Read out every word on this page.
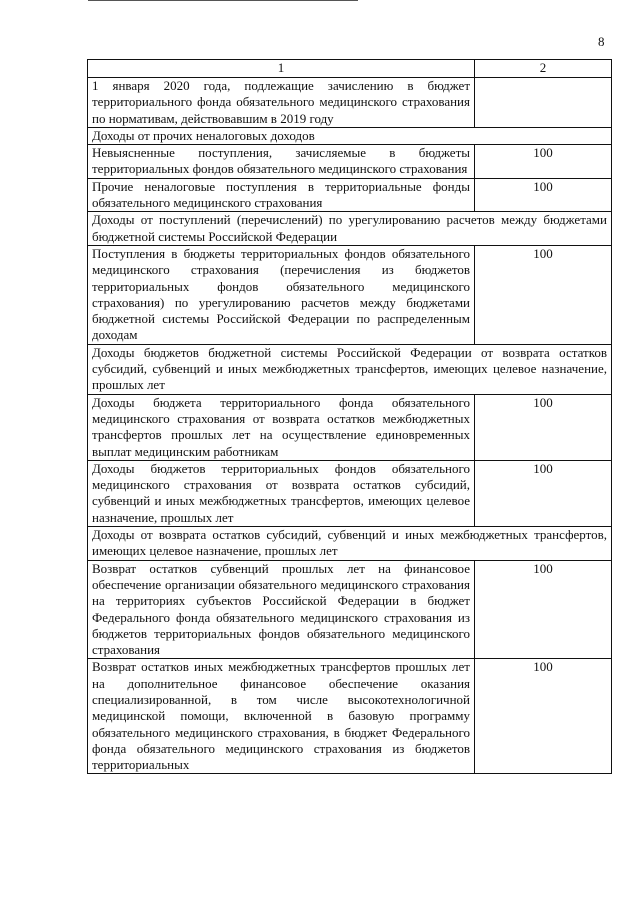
8
1	2
1 января 2020 года, подлежащие зачислению в бюджет территориального фонда обязательного медицинского страхования по нормативам, действовавшим в 2019 году	
Доходы от прочих неналоговых доходов	
Невыясненные поступления, зачисляемые в бюджеты территориальных фондов обязательного медицинского страхования	100
Прочие неналоговые поступления в территориальные фонды обязательного медицинского страхования	100
Доходы от поступлений (перечислений) по урегулированию расчетов между бюджетами бюджетной системы Российской Федерации	
Поступления в бюджеты территориальных фондов обязательного медицинского страхования (перечисления из бюджетов территориальных фондов обязательного медицинского страхования) по урегулированию расчетов между бюджетами бюджетной системы Российской Федерации по распределенным доходам	100
Доходы бюджетов бюджетной системы Российской Федерации от возврата остатков субсидий, субвенций и иных межбюджетных трансфертов, имеющих целевое назначение, прошлых лет	
Доходы бюджета территориального фонда обязательного медицинского страхования от возврата остатков межбюджетных трансфертов прошлых лет на осуществление единовременных выплат медицинским работникам	100
Доходы бюджетов территориальных фондов обязательного медицинского страхования от возврата остатков субсидий, субвенций и иных межбюджетных трансфертов, имеющих целевое назначение, прошлых лет	100
Доходы от возврата остатков субсидий, субвенций и иных межбюджетных трансфертов, имеющих целевое назначение, прошлых лет	
Возврат остатков субвенций прошлых лет на финансовое обеспечение организации обязательного медицинского страхования на территориях субъектов Российской Федерации в бюджет Федерального фонда обязательного медицинского страхования из бюджетов территориальных фондов обязательного медицинского страхования	100
Возврат остатков иных межбюджетных трансфертов прошлых лет на дополнительное финансовое обеспечение оказания специализированной, в том числе высокотехнологичной медицинской помощи, включенной в базовую программу обязательного медицинского страхования, в бюджет Федерального фонда обязательного медицинского страхования из бюджетов территориальных	100
